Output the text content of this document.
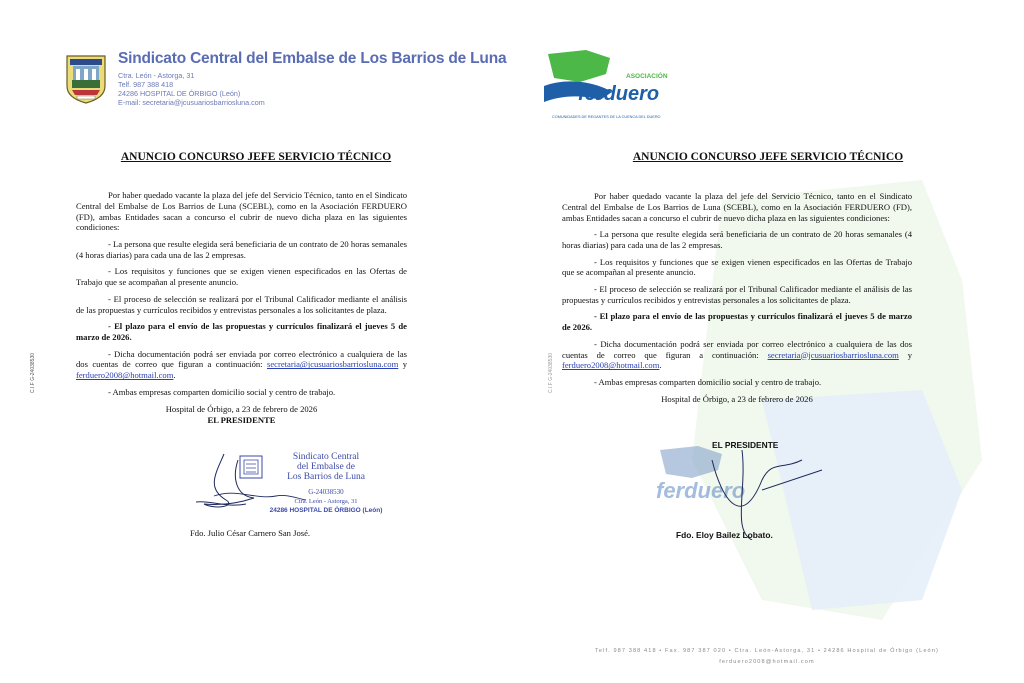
Sindicato Central del Embalse de Los Barrios de Luna
Ctra. León - Astorga, 31
Telf. 987 388 418
24286 HOSPITAL DE ÓRBIGO (León)
E-mail: secretaria@jcusuariosbarriosluna.com
C.I.F G-24038530
ANUNCIO CONCURSO JEFE SERVICIO TÉCNICO

Por haber quedado vacante la plaza del jefe del Servicio Técnico, tanto en el Sindicato Central del Embalse de Los Barrios de Luna (SCEBL), como en la Asociación FERDUERO (FD), ambas Entidades sacan a concurso el cubrir de nuevo dicha plaza en las siguientes condiciones:

- La persona que resulte elegida será beneficiaria de un contrato de 20 horas semanales (4 horas diarias) para cada una de las 2 empresas.

- Los requisitos y funciones que se exigen vienen especificados en las Ofertas de Trabajo que se acompañan al presente anuncio.

- El proceso de selección se realizará por el Tribunal Calificador mediante el análisis de las propuestas y currículos recibidos y entrevistas personales a los solicitantes de plaza.

- El plazo para el envío de las propuestas y currículos finalizará el jueves 5 de marzo de 2026.

- Dicha documentación podrá ser enviada por correo electrónico a cualquiera de las dos cuentas de correo que figuran a continuación: secretaria@jcusuariosbarriosluna.com y ferduero2008@hotmail.com.

- Ambas empresas comparten domicilio social y centro de trabajo.

Hospital de Órbigo, a 23 de febrero de 2026

EL PRESIDENTE

Sindicato Central
del Embalse de
Los Barrios de Luna
G-24038530
Ctra. León - Astorga, 31
24286 HOSPITAL DE ÓRBIGO (León)
Fdo. Julio César Carnero San José.
ASOCIACIÓN
ferduero
COMUNIDADES DE REGANTES DE LA CUENCA DEL DUERO
C.I.F G-24038530
ANUNCIO CONCURSO JEFE SERVICIO TÉCNICO

Por haber quedado vacante la plaza del jefe del Servicio Técnico, tanto en el Sindicato Central del Embalse de Los Barrios de Luna (SCEBL), como en la Asociación FERDUERO (FD), ambas Entidades sacan a concurso el cubrir de nuevo dicha plaza en las siguientes condiciones:

- La persona que resulte elegida será beneficiaria de un contrato de 20 horas semanales (4 horas diarias) para cada una de las 2 empresas.

- Los requisitos y funciones que se exigen vienen especificados en las Ofertas de Trabajo que se acompañan al presente anuncio.

- El proceso de selección se realizará por el Tribunal Calificador mediante el análisis de las propuestas y currículos recibidos y entrevistas personales a los solicitantes de plaza.

- El plazo para el envío de las propuestas y currículos finalizará el jueves 5 de marzo de 2026.

- Dicha documentación podrá ser enviada por correo electrónico a cualquiera de las dos cuentas de correo que figuran a continuación: secretaria@jcusuariosbarriosluna.com y ferduero2008@hotmail.com.

- Ambas empresas comparten domicilio social y centro de trabajo.

Hospital de Órbigo, a 23 de febrero de 2026

EL PRESIDENTE
ferduero
Fdo. Eloy Bailez Lobato.
Telf. 987 388 418 • Fax. 987 387 020 • Ctra. León-Astorga, 31 • 24286 Hospital de Órbigo (León)
ferduero2008@hotmail.com
